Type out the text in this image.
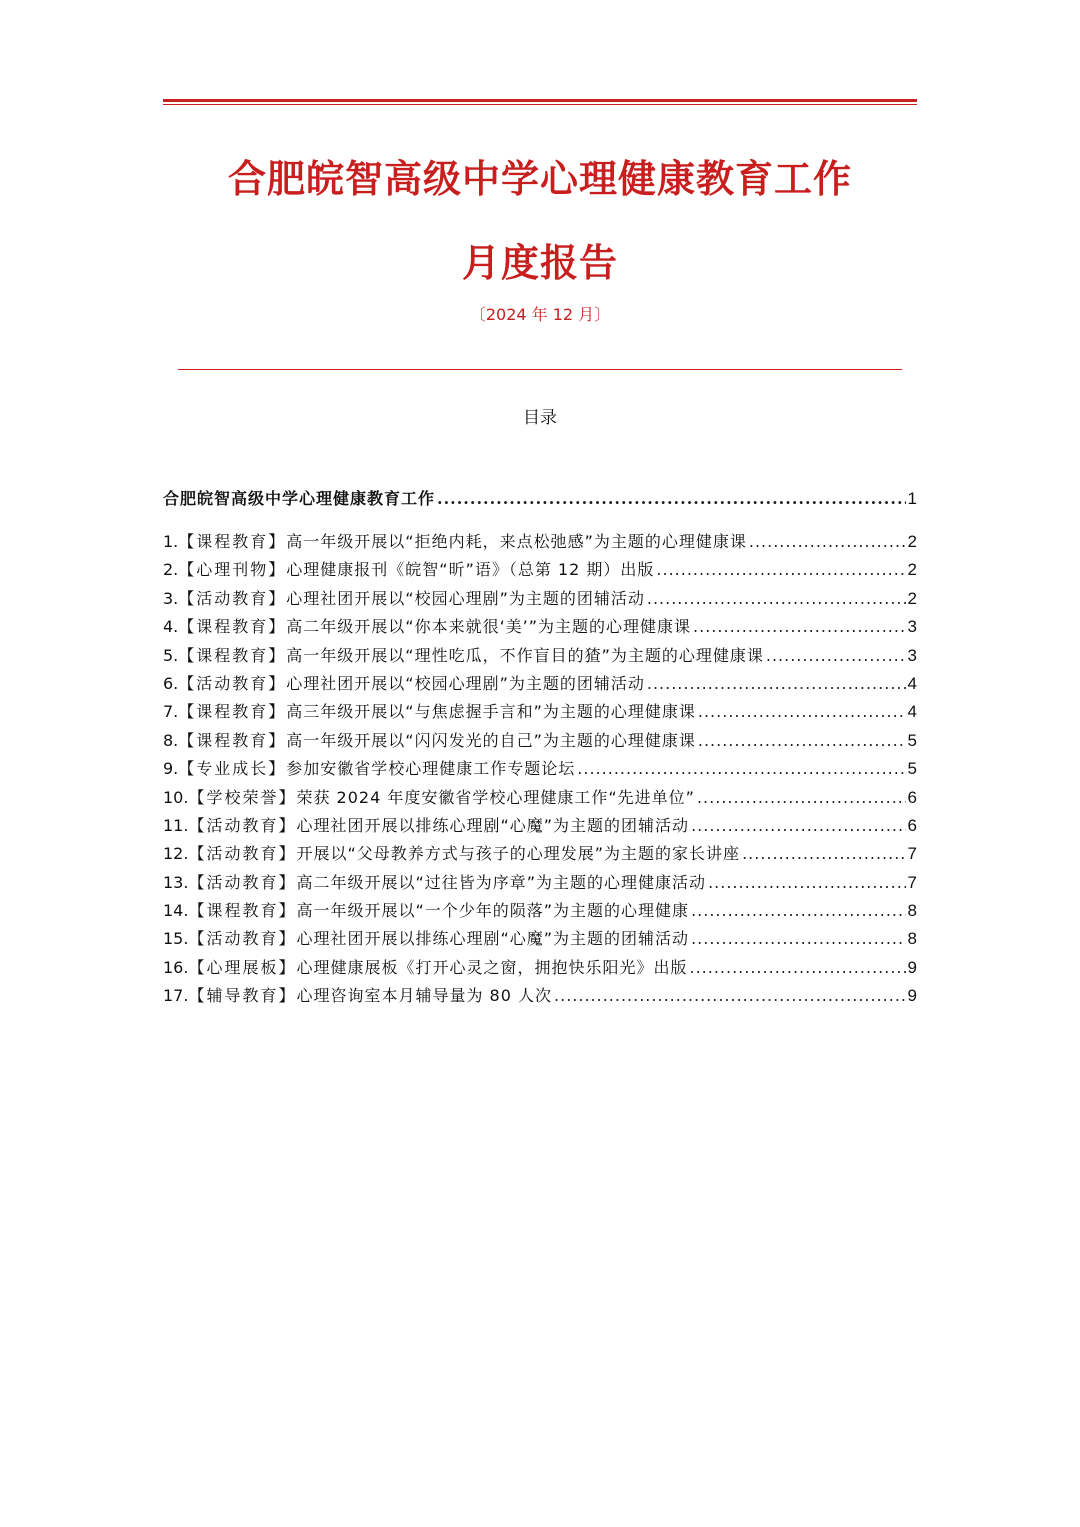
合肥皖智高级中学心理健康教育工作
月度报告
〔2024 年 12 月〕
目录
合肥皖智高级中学心理健康教育工作 .....	1
1. 【课程教育】 高一年级开展以“拒绝内耗，来点松弛感”为主题的心理健康课 .....	2
2. 【心理刊物】 心理健康报刊《皖智“昕”语》（总第 12 期）出版 .....	2
3. 【活动教育】 心理社团开展以“校园心理剧”为主题的团辅活动 .....	2
4. 【课程教育】 高二年级开展以“你本来就很‘美’”为主题的心理健康课 .....	3
5. 【课程教育】 高一年级开展以“理性吃瓜，不作盲目的猹”为主题的心理健康课 .....	3
6. 【活动教育】 心理社团开展以“校园心理剧”为主题的团辅活动 .....	4
7. 【课程教育】 高三年级开展以“与焦虑握手言和”为主题的心理健康课 .....	4
8. 【课程教育】 高一年级开展以“闪闪发光的自己”为主题的心理健康课 .....	5
9. 【专业成长】 参加安徽省学校心理健康工作专题论坛 .....	5
10. 【学校荣誉】 荣获 2024 年度安徽省学校心理健康工作“先进单位” .....	6
11. 【活动教育】 心理社团开展以排练心理剧“心魔”为主题的团辅活动 .....	6
12. 【活动教育】 开展以“父母教养方式与孩子的心理发展”为主题的家长讲座 .....	7
13. 【活动教育】 高二年级开展以“过往皆为序章”为主题的心理健康活动 .....	7
14. 【课程教育】 高一年级开展以“一个少年的陨落”为主题的心理健康 .....	8
15. 【活动教育】 心理社团开展以排练心理剧“心魔”为主题的团辅活动 .....	8
16. 【心理展板】 心理健康展板《打开心灵之窗，拥抱快乐阳光》出版 .....	9
17. 【辅导教育】 心理咨询室本月辅导量为 80 人次 .....	9
